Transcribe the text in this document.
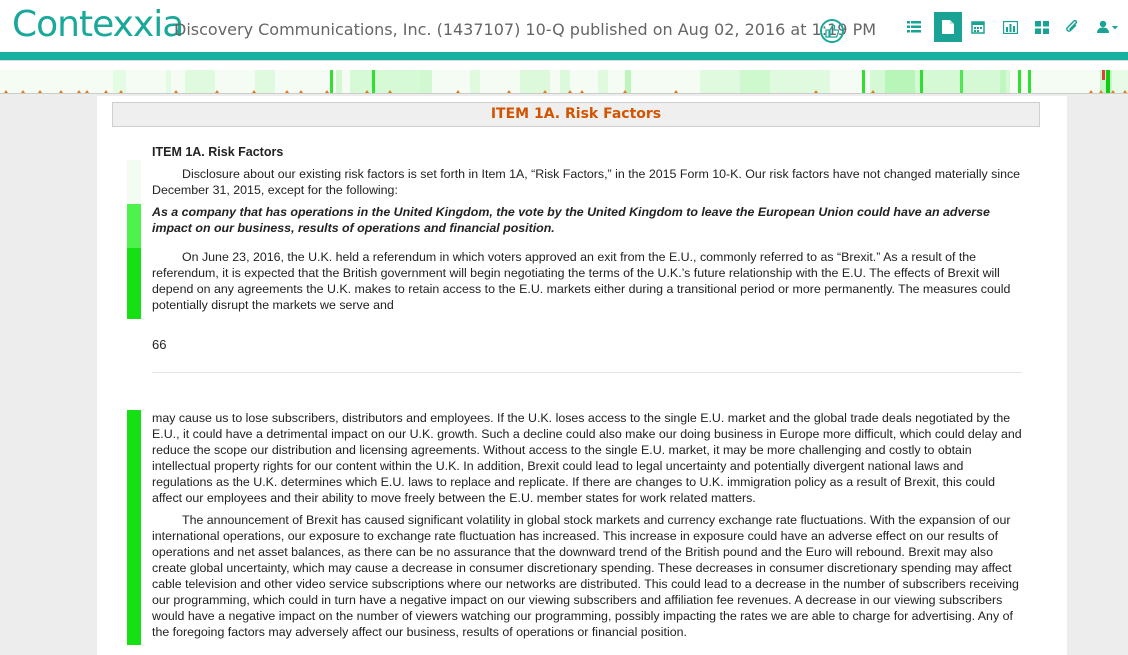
Contexxia
Discovery Communications, Inc. (1437107) 10-Q published on Aug 02, 2016 at 1:19 PM
ITEM 1A. Risk Factors

ITEM 1A. Risk Factors

Disclosure about our existing risk factors is set forth in Item 1A, “Risk Factors,” in the 2015 Form 10-K. Our risk factors have not changed materially since December 31, 2015, except for the following:

As a company that has operations in the United Kingdom, the vote by the United Kingdom to leave the European Union could have an adverse impact on our business, results of operations and financial position.

On June 23, 2016, the U.K. held a referendum in which voters approved an exit from the E.U., commonly referred to as “Brexit.” As a result of the referendum, it is expected that the British government will begin negotiating the terms of the U.K.’s future relationship with the E.U. The effects of Brexit will depend on any agreements the U.K. makes to retain access to the E.U. markets either during a transitional period or more permanently. The measures could potentially disrupt the markets we serve and

66

may cause us to lose subscribers, distributors and employees. If the U.K. loses access to the single E.U. market and the global trade deals negotiated by the E.U., it could have a detrimental impact on our U.K. growth. Such a decline could also make our doing business in Europe more difficult, which could delay and reduce the scope our distribution and licensing agreements. Without access to the single E.U. market, it may be more challenging and costly to obtain intellectual property rights for our content within the U.K. In addition, Brexit could lead to legal uncertainty and potentially divergent national laws and regulations as the U.K. determines which E.U. laws to replace and replicate. If there are changes to U.K. immigration policy as a result of Brexit, this could affect our employees and their ability to move freely between the E.U. member states for work related matters.

The announcement of Brexit has caused significant volatility in global stock markets and currency exchange rate fluctuations. With the expansion of our international operations, our exposure to exchange rate fluctuation has increased. This increase in exposure could have an adverse effect on our results of operations and net asset balances, as there can be no assurance that the downward trend of the British pound and the Euro will rebound. Brexit may also create global uncertainty, which may cause a decrease in consumer discretionary spending. These decreases in consumer discretionary spending may affect cable television and other video service subscriptions where our networks are distributed. This could lead to a decrease in the number of subscribers receiving our programming, which could in turn have a negative impact on our viewing subscribers and affiliation fee revenues. A decrease in our viewing subscribers would have a negative impact on the number of viewers watching our programming, possibly impacting the rates we are able to charge for advertising. Any of the foregoing factors may adversely affect our business, results of operations or financial position.
